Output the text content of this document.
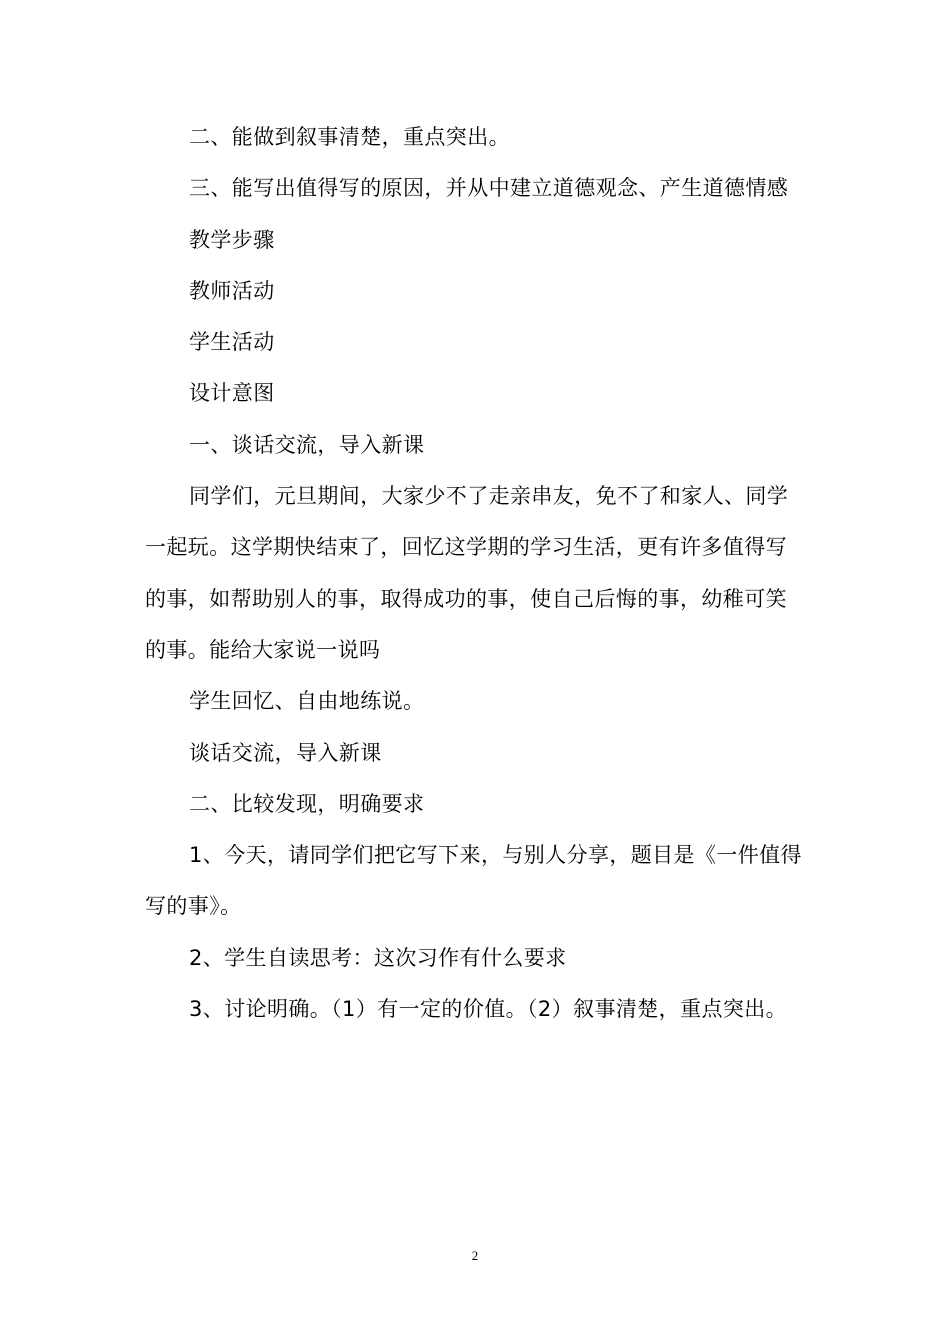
二、能做到叙事清楚，重点突出。

三、能写出值得写的原因，并从中建立道德观念、产生道德情感

教学步骤

教师活动

学生活动

设计意图

一、谈话交流，导入新课

同学们，元旦期间，大家少不了走亲串友，免不了和家人、同学一起玩。这学期快结束了，回忆这学期的学习生活，更有许多值得写的事，如帮助别人的事，取得成功的事，使自己后悔的事，幼稚可笑的事。能给大家说一说吗

学生回忆、自由地练说。

谈话交流，导入新课

二、比较发现，明确要求

1、今天，请同学们把它写下来，与别人分享，题目是《一件值得写的事》。

2、学生自读思考：这次习作有什么要求

3、讨论明确。（1）有一定的价值。（2）叙事清楚，重点突出。

2
